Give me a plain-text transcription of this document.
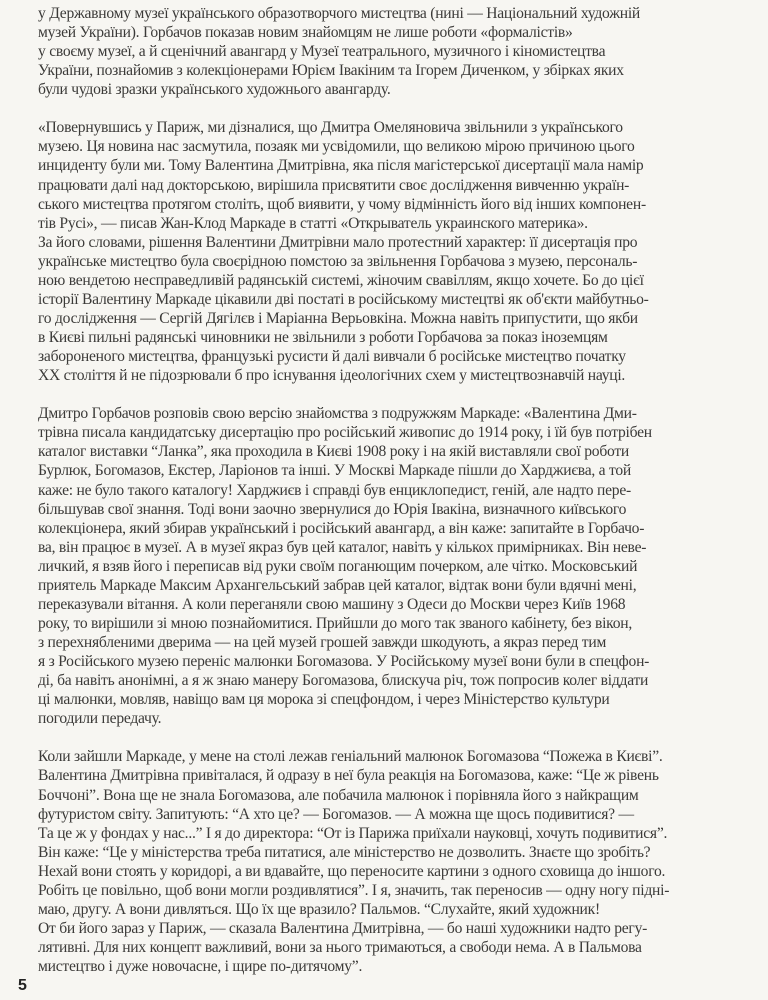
у Державному музеї українського образотворчого мистецтва (нині — Національний художній
музей України). Горбачов показав новим знайомцям не лише роботи «формалістів»
у своєму музеї, а й сценічний авангард у Музеї театрального, музичного і кіномистецтва
України, познайомив з колекціонерами Юрієм Івакіним та Ігорем Диченком, у збірках яких
були чудові зразки українського художнього авангарду.
«Повернувшись у Париж, ми дізналися, що Дмитра Омеляновича звільнили з українського
музею. Ця новина нас засмутила, позаяк ми усвідомили, що великою мірою причиною цього
инциденту були ми. Тому Валентина Дмитрівна, яка після магістерської дисертації мала намір
працювати далі над докторською, вирішила присвятити своє дослідження вивченню україн-
ського мистецтва протягом століть, щоб виявити, у чому відмінність його від інших компонен-
тів Русі», — писав Жан-Клод Маркаде в статті «Открыватель украинского материка».
За його словами, рішення Валентини Дмитрівни мало протестний характер: її дисертація про
українське мистецтво була своєрідною помстою за звільнення Горбачова з музею, персональ-
ною вендетою несправедливій радянській системі, жіночим свавіллям, якщо хочете. Бо до цієї
історії Валентину Маркаде цікавили дві постаті в російському мистецтві як об'єкти майбутньо-
го дослідження — Сергій Дягілєв і Маріанна Верьовкіна. Можна навіть припустити, що якби
в Києві пильні радянські чиновники не звільнили з роботи Горбачова за показ іноземцям
забороненого мистецтва, французькі русисти й далі вивчали б російське мистецтво початку
XX століття й не підозрювали б про існування ідеологічних схем у мистецтвознавчій науці.
Дмитро Горбачов розповів свою версію знайомства з подружжям Маркаде: «Валентина Дми-
трівна писала кандидатську дисертацію про російський живопис до 1914 року, і їй був потрібен
каталог виставки “Ланка”, яка проходила в Києві 1908 року і на якій виставляли свої роботи
Бурлюк, Богомазов, Екстер, Ларіонов та інші. У Москві Маркаде пішли до Харджиєва, а той
каже: не було такого каталогу! Харджиєв і справді був енциклопедист, геній, але надто пере-
більшував свої знання. Тоді вони заочно звернулися до Юрія Івакіна, визначного київського
колекціонера, який збирав український і російський авангард, а він каже: запитайте в Горбачо-
ва, він працює в музеї. А в музеї якраз був цей каталог, навіть у кількох примірниках. Він неве-
личкий, я взяв його і переписав від руки своїм поганющим почерком, але чітко. Московський
приятель Маркаде Максим Архангельський забрав цей каталог, відтак вони були вдячні мені,
переказували вітання. А коли переганяли свою машину з Одеси до Москви через Київ 1968
року, то вирішили зі мною познайомитися. Прийшли до мого так званого кабінету, без вікон,
з перехнябленими дверима — на цей музей грошей завжди шкодують, а якраз перед тим
я з Російського музею переніс малюнки Богомазова. У Російському музеї вони були в спецфон-
ді, ба навіть анонімні, а я ж знаю манеру Богомазова, блискуча річ, тож попросив колег віддати
ці малюнки, мовляв, навіщо вам ця морока зі спецфондом, і через Міністерство культури
погодили передачу.
Коли зайшли Маркаде, у мене на столі лежав геніальний малюнок Богомазова “Пожежа в Києві”.
Валентина Дмитрівна привіталася, й одразу в неї була реакція на Богомазова, каже: “Це ж рівень
Бoччоні”. Вона ще не знала Богомазова, але побачила малюнок і порівняла його з найкращим
футуристом світу. Запитують: “А хто це? — Богомазов. — А можна ще щось подивитися? —
Та це ж у фондах у нас...” І я до директора: “От із Парижа приїхали науковці, хочуть подивитися”.
Він каже: “Це у міністерства треба питатися, але міністерство не дозволить. Знаєте що зробіть?
Нехай вони стоять у коридорі, а ви вдавайте, що переносите картини з одного сховища до іншого.
Робіть це повільно, щоб вони могли роздивлятися”. І я, значить, так переносив — одну ногу підні-
маю, другу. А вони дивляться. Що їх ще вразило? Пальмов. “Слухайте, який художник!
От би його зараз у Париж, — сказала Валентина Дмитрівна, — бо наші художники надто регу-
лятивні. Для них концепт важливий, вони за нього тримаються, а свободи нема. А в Пальмова
мистецтво і дуже новочасне, і щире по-дитячому”.
5
